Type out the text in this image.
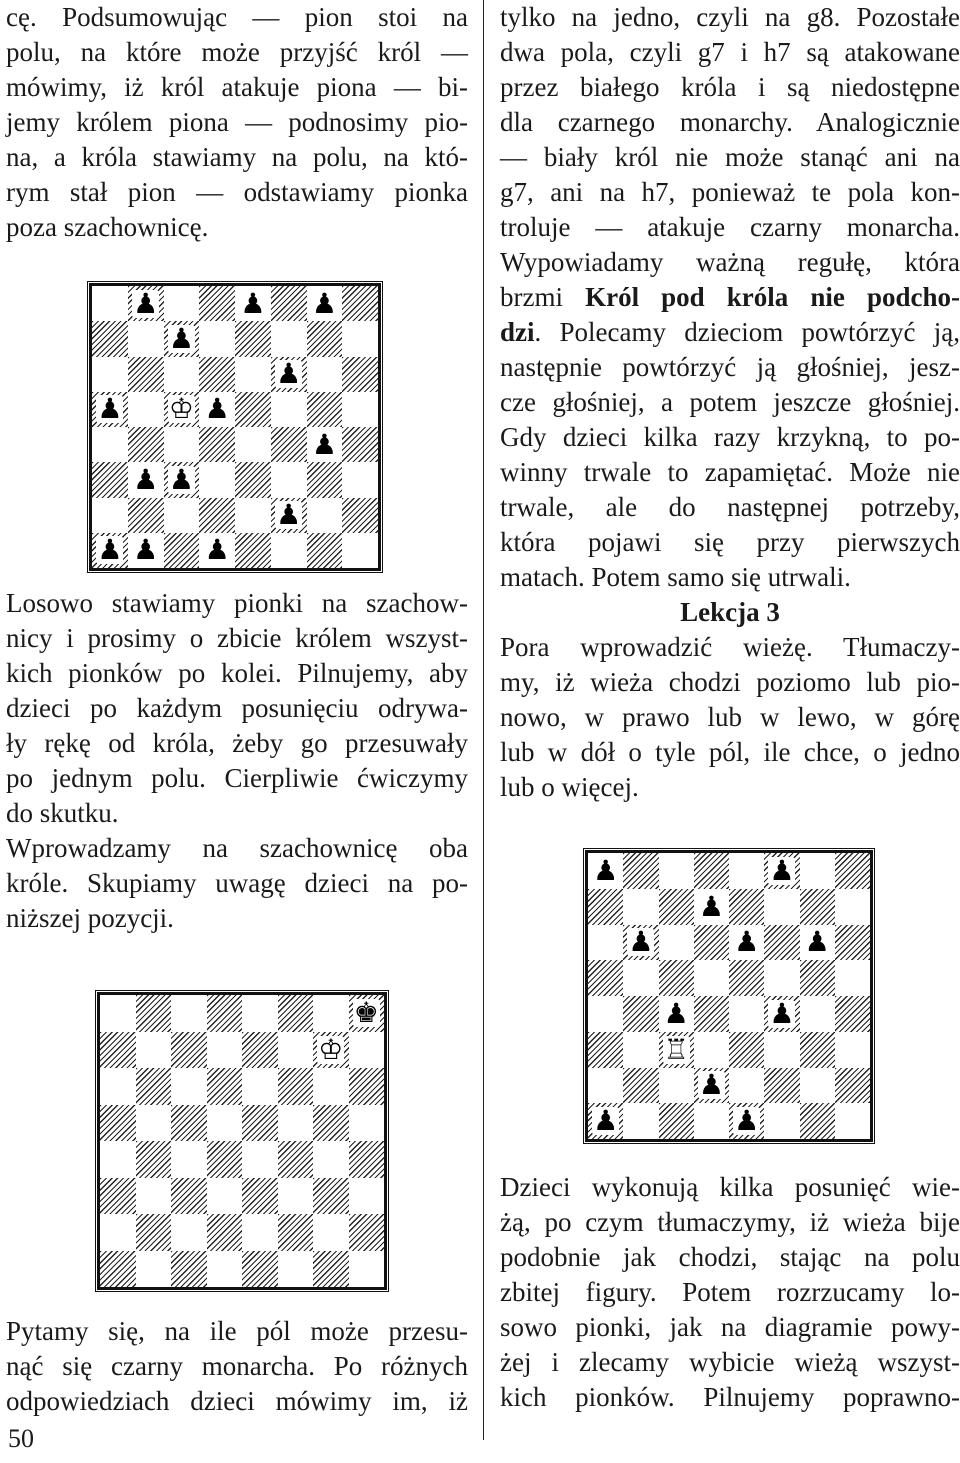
cę. Podsumowując — pion stoi na
polu, na które może przyjść król —
mówimy, iż król atakuje piona — bi-
jemy królem piona — podnosimy pio-
na, a króla stawiamy na polu, na któ-
rym stał pion — odstawiamy pionka
poza szachownicę.
♟	♟ ♟
♟
♟
♟ ♔ ♟
♟
♟ ♟
♟
♟ ♟ ♟
Losowo stawiamy pionki na szachow-
nicy i prosimy o zbicie królem wszyst-
kich pionków po kolei. Pilnujemy, aby
dzieci po każdym posunięciu odrywa-
ły rękę od króla, żeby go przesuwały
po jednym polu. Cierpliwie ćwiczymy
do skutku.
Wprowadzamy na szachownicę oba
króle. Skupiamy uwagę dzieci na po-
niższej pozycji.
♚
♔
Pytamy się, na ile pól może przesu-
nąć się czarny monarcha. Po różnych
odpowiedziach dzieci mówimy im, iż
tylko na jedno, czyli na g8. Pozostałe
dwa pola, czyli g7 i h7 są atakowane
przez białego króla i są niedostępne
dla czarnego monarchy. Analogicznie
— biały król nie może stanąć ani na
g7, ani na h7, ponieważ te pola kon-
troluje — atakuje czarny monarcha.
Wypowiadamy ważną regułę, która
brzmi Król pod króla nie podcho-
dzi. Polecamy dzieciom powtórzyć ją,
następnie powtórzyć ją głośniej, jesz-
cze głośniej, a potem jeszcze głośniej.
Gdy dzieci kilka razy krzykną, to po-
winny trwale to zapamiętać. Może nie
trwale, ale do następnej potrzeby,
która pojawi się przy pierwszych
matach. Potem samo się utrwali.
Lekcja 3
Pora wprowadzić wieżę. Tłumaczy-
my, iż wieża chodzi poziomo lub pio-
nowo, w prawo lub w lewo, w górę
lub w dół o tyle pól, ile chce, o jedno
lub o więcej.
♟	♟
♟
♟	♟ ♟
♟	♟
♖
♟
♟	♟
Dzieci wykonują kilka posunięć wie-
żą, po czym tłumaczymy, iż wieża bije
podobnie jak chodzi, stając na polu
zbitej figury. Potem rozrzucamy lo-
sowo pionki, jak na diagramie powy-
żej i zlecamy wybicie wieżą wszyst-
kich pionków. Pilnujemy poprawno-
50
